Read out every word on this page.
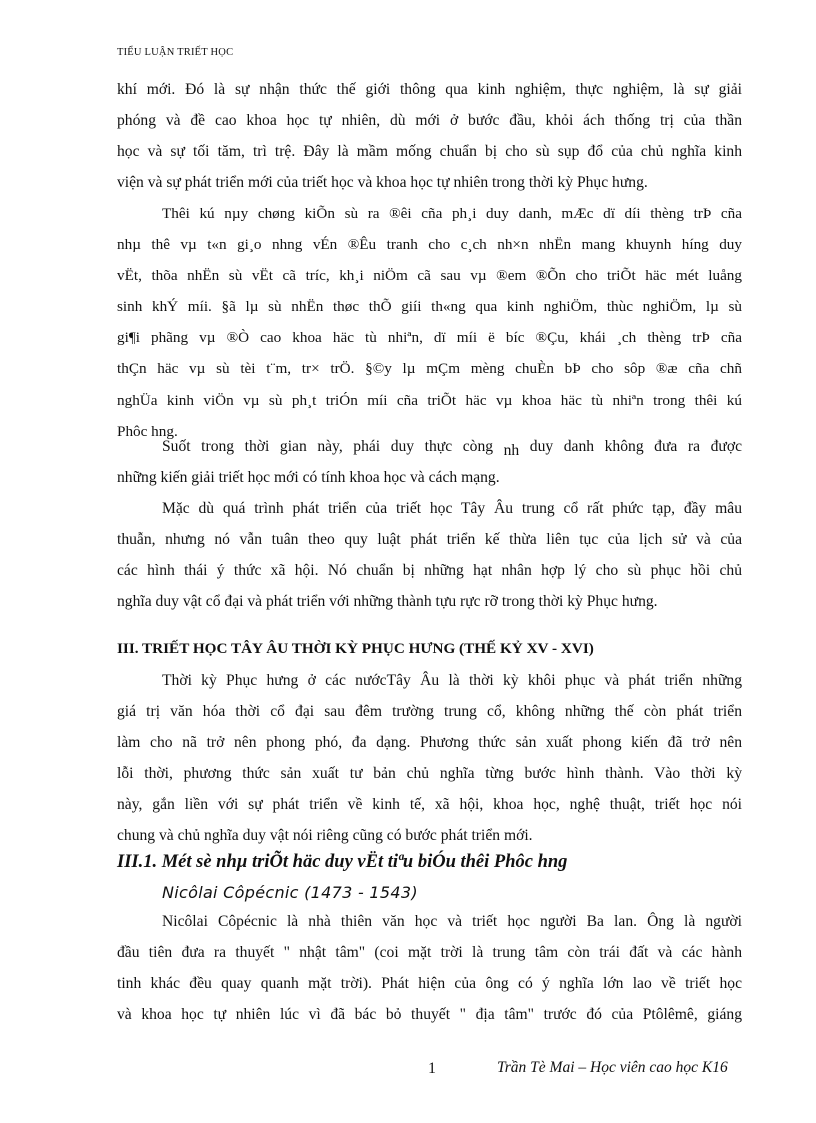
TIỂU LUẬN TRIẾT HỌC
khí mới. Đó là sự nhận thức thế giới thông qua kinh nghiệm, thực nghiệm, là sự giải
phóng và đề cao khoa học tự nhiên, dù mới ở bước đầu, khỏi ách thống trị của thần
học và sự tối tăm, trì trệ. Đây là mầm mống chuẩn bị cho sù sụp đổ của chủ nghĩa kinh
viện và sự phát triển mới của triết học và khoa học tự nhiên trong thời kỳ Phục hưng.
Thêi kú nµy chøng kiÕn sù ra ®êi cña ph¸i duy danh, mÆc dï díi thèng trÞ cña
nhµ thê vµ t«n gi¸o nhng vÉn ®Êu tranh cho c¸ch nh×n nhËn mang khuynh híng duy
vËt, thõa nhËn sù vËt cã tríc, kh¸i niÖm cã sau vµ ®em ®Õn cho triÕt häc mét luång
sinh khÝ míi. §ã lµ sù nhËn thøc thÕ giíi th«ng qua kinh nghiÖm, thùc nghiÖm, lµ sù
gi¶i phãng vµ ®Ò cao khoa häc tù nhiªn, dï míi ë bíc ®Çu, khái ¸ch thèng trÞ cña
thÇn häc vµ sù tèi t¨m, tr× trÖ. §©y lµ mÇm mèng chuÈn bÞ cho sôp ®æ cña chñ
nghÜa kinh viÖn vµ sù ph¸t triÓn míi cña triÕt häc vµ khoa häc tù nhiªn trong thêi kú
Phôc hng.
Suốt trong thời gian này, phái duy thực còng nh duy danh không đưa ra được
những kiến giải triết học mới có tính khoa học và cách mạng.
Mặc dù quá trình phát triển của triết học Tây Âu trung cổ rất phức tạp, đầy mâu
thuẫn, nhưng nó vẫn tuân theo quy luật phát triển kế thừa liên tục của lịch sử và của
các hình thái ý thức xã hội. Nó chuẩn bị những hạt nhân hợp lý cho sù phục hồi chủ
nghĩa duy vật cổ đại và phát triển với những thành tựu rực rỡ trong thời kỳ Phục hưng.
III. TRIẾT HỌC TÂY ÂU THỜI KỲ PHỤC HƯNG (THẾ KỶ XV - XVI)
Thời kỳ Phục hưng ở các nướcTây Âu là thời kỳ khôi phục và phát triển những
giá trị văn hóa thời cổ đại sau đêm trường trung cổ, không những thế còn phát triển
làm cho nã trở nên phong phó, đa dạng. Phương thức sản xuất phong kiến đã trở nên
lỗi thời, phương thức sản xuất tư bản chủ nghĩa từng bước hình thành. Vào thời kỳ
này, gắn liền với sự phát triển về kinh tế, xã hội, khoa học, nghệ thuật, triết học nói
chung và chủ nghĩa duy vật nói riêng cũng có bước phát triển mới.
III.1. Mét sè nhµ triÕt häc duy vËt tiªu biÓu thêi Phôc hng
Nicôlai Côpécnic (1473 - 1543)
Nicôlai Côpécnic là nhà thiên văn học và triết học người Ba lan. Ông là người
đầu tiên đưa ra thuyết " nhật tâm" (coi mặt trời là trung tâm còn trái đất và các hành
tinh khác đều quay quanh mặt trời). Phát hiện của ông có ý nghĩa lớn lao về triết học
và khoa học tự nhiên lúc vì đã bác bỏ thuyết " địa tâm" trước đó của Ptôlêmê, giáng
1	Trần Tè Mai – Học viên cao học K16
